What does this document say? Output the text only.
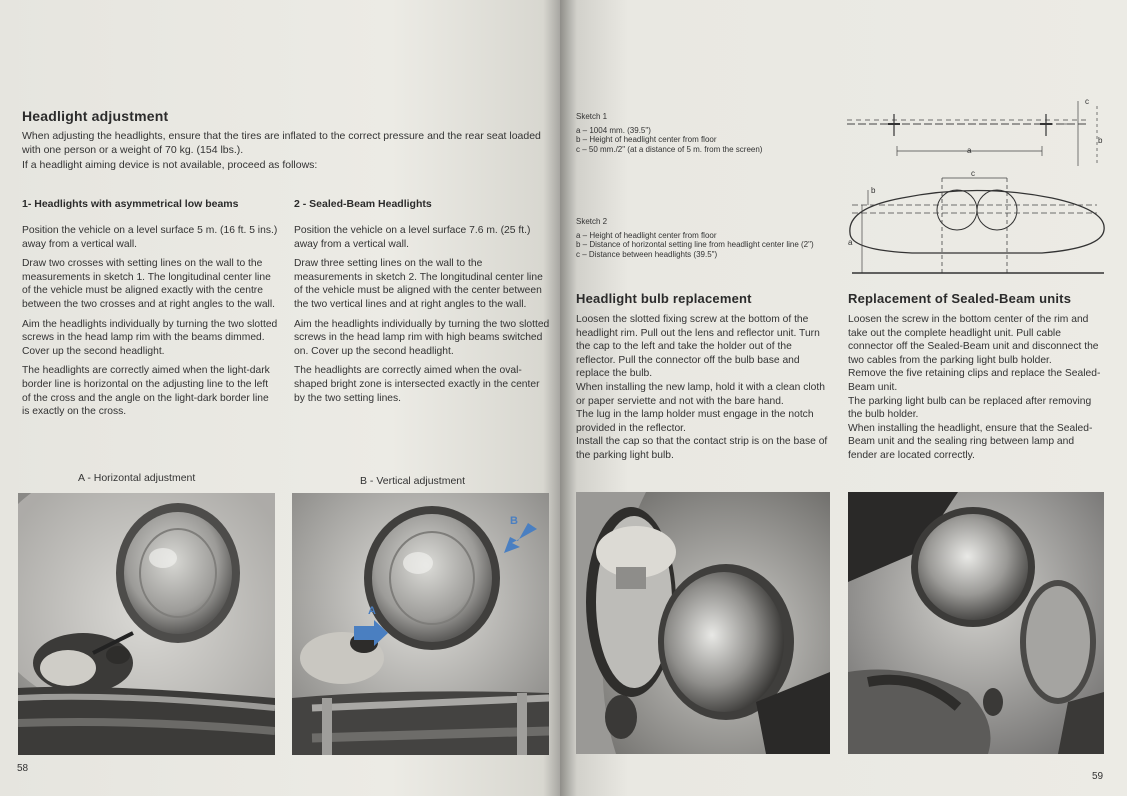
Headlight adjustment

When adjusting the headlights, ensure that the tires are inflated to the correct pressure and the rear seat loaded with one person or a weight of 70 kg. (154 lbs.).

If a headlight aiming device is not available, proceed as follows:

1- Headlights with asymmetrical low beams

Position the vehicle on a level surface 5 m. (16 ft. 5 ins.) away from a vertical wall.

Draw two crosses with setting lines on the wall to the measurements in sketch 1. The longitudinal center line of the vehicle must be aligned exactly with the centre between the two crosses and at right angles to the wall.

Aim the headlights individually by turning the two slotted screws in the head lamp rim with the beams dimmed. Cover up the second headlight.

The headlights are correctly aimed when the light-dark border line is horizontal on the adjusting line to the left of the cross and the angle on the light-dark border line is exactly on the cross.

2 - Sealed-Beam Headlights

Position the vehicle on a level surface 7.6 m. (25 ft.) away from a vertical wall.

Draw three setting lines on the wall to the measurements in sketch 2. The longitudinal center line of the vehicle must be aligned with the center between the two vertical lines and at right angles to the wall.

Aim the headlights individually by turning the two slotted screws in the head lamp rim with high beams switched on. Cover up the second headlight.

The headlights are correctly aimed when the oval-shaped bright zone is intersected exactly in the center by the two setting lines.

A - Horizontal adjustment	B - Vertical adjustment
B
A
58
Sketch 1
a – 1004 mm. (39.5")
b – Height of headlight center from floor
c – 50 mm./2" (at a distance of 5 m. from the screen)	a
b
c
Sketch 2
a – Height of headlight center from floor
b – Distance of horizontal setting line from headlight center line (2")
c – Distance between headlights (39.5")
c
a
b
Headlight bulb replacement

Loosen the slotted fixing screw at the bottom of the headlight rim. Pull out the lens and reflector unit. Turn the cap to the left and take the holder out of the reflector. Pull the connector off the bulb base and replace the bulb.

When installing the new lamp, hold it with a clean cloth or paper serviette and not with the bare hand.

The lug in the lamp holder must engage in the notch provided in the reflector.

Install the cap so that the contact strip is on the base of the parking light bulb.

Replacement of Sealed-Beam units

Loosen the screw in the bottom center of the rim and take out the complete headlight unit. Pull cable connector off the Sealed-Beam unit and disconnect the two cables from the parking light bulb holder.

Remove the five retaining clips and replace the Sealed-Beam unit.

The parking light bulb can be replaced after removing the bulb holder.

When installing the headlight, ensure that the Sealed-Beam unit and the sealing ring between lamp and fender are located correctly.

59
